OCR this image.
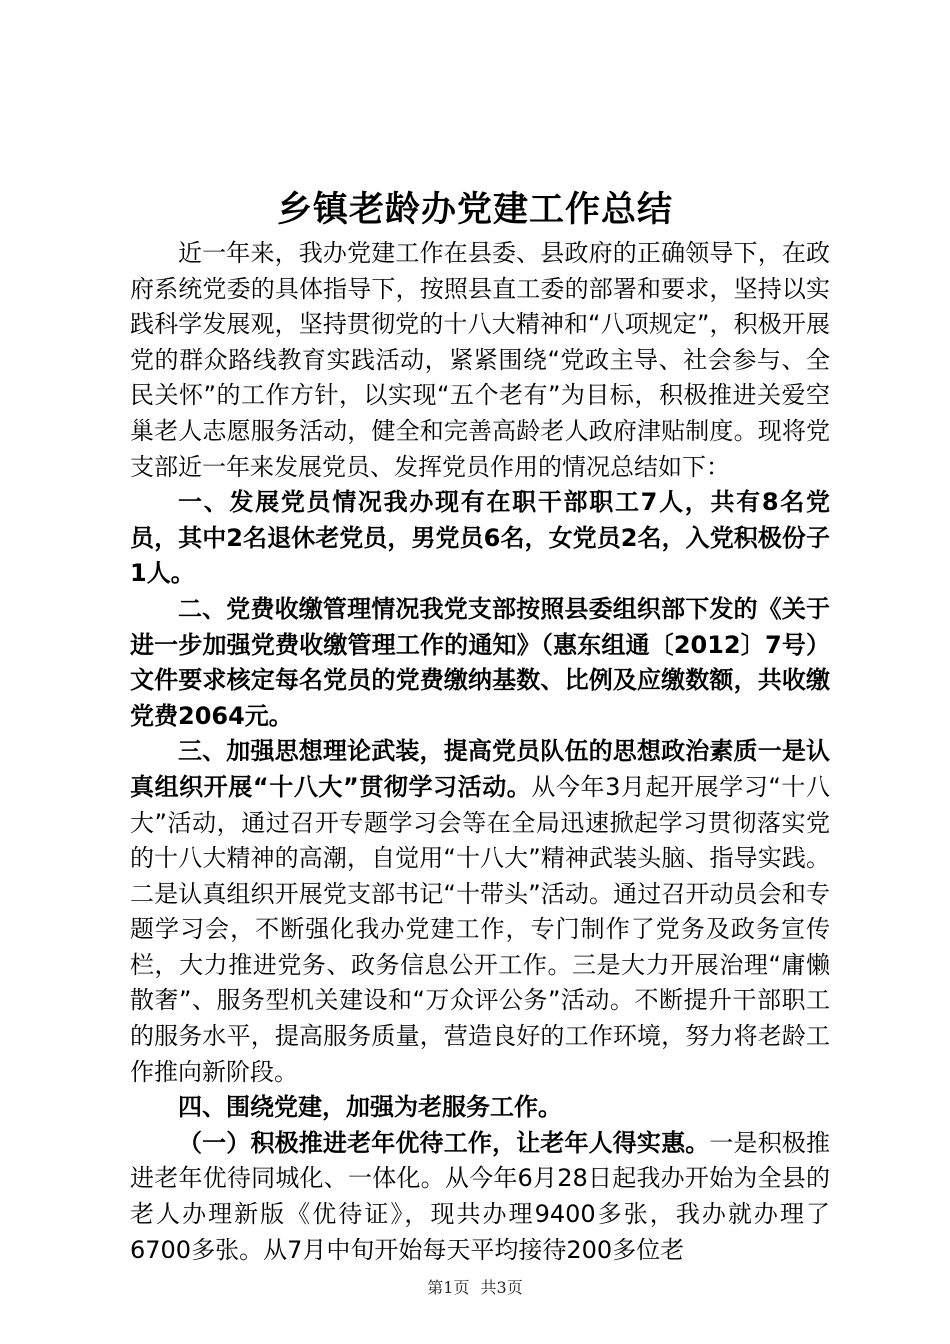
乡镇老龄办党建工作总结

近一年来，我办党建工作在县委、县政府的正确领导下，在政府系统党委的具体指导下，按照县直工委的部署和要求，坚持以实践科学发展观，坚持贯彻党的十八大精神和“八项规定”，积极开展党的群众路线教育实践活动，紧紧围绕“党政主导、社会参与、全民关怀”的工作方针，以实现“五个老有”为目标，积极推进关爱空巢老人志愿服务活动，健全和完善高龄老人政府津贴制度。现将党支部近一年来发展党员、发挥党员作用的情况总结如下：

一、发展党员情况我办现有在职干部职工7人，共有8名党员，其中2名退休老党员，男党员6名，女党员2名，入党积极份子1人。

二、党费收缴管理情况我党支部按照县委组织部下发的《关于进一步加强党费收缴管理工作的通知》（惠东组通〔2012〕7号）文件要求核定每名党员的党费缴纳基数、比例及应缴数额，共收缴党费2064元。

三、加强思想理论武装，提高党员队伍的思想政治素质一是认真组织开展“十八大”贯彻学习活动。从今年3月起开展学习“十八大”活动，通过召开专题学习会等在全局迅速掀起学习贯彻落实党的十八大精神的高潮，自觉用“十八大”精神武装头脑、指导实践。二是认真组织开展党支部书记“十带头”活动。通过召开动员会和专题学习会，不断强化我办党建工作，专门制作了党务及政务宣传栏，大力推进党务、政务信息公开工作。三是大力开展治理“庸懒散奢”、服务型机关建设和“万众评公务”活动。不断提升干部职工的服务水平，提高服务质量，营造良好的工作环境，努力将老龄工作推向新阶段。

四、围绕党建，加强为老服务工作。

（一）积极推进老年优待工作，让老年人得实惠。一是积极推进老年优待同城化、一体化。从今年6月28日起我办开始为全县的老人办理新版《优待证》，现共办理9400多张，我办就办理了6700多张。从7月中旬开始每天平均接待200多位老

第1页 共3页
